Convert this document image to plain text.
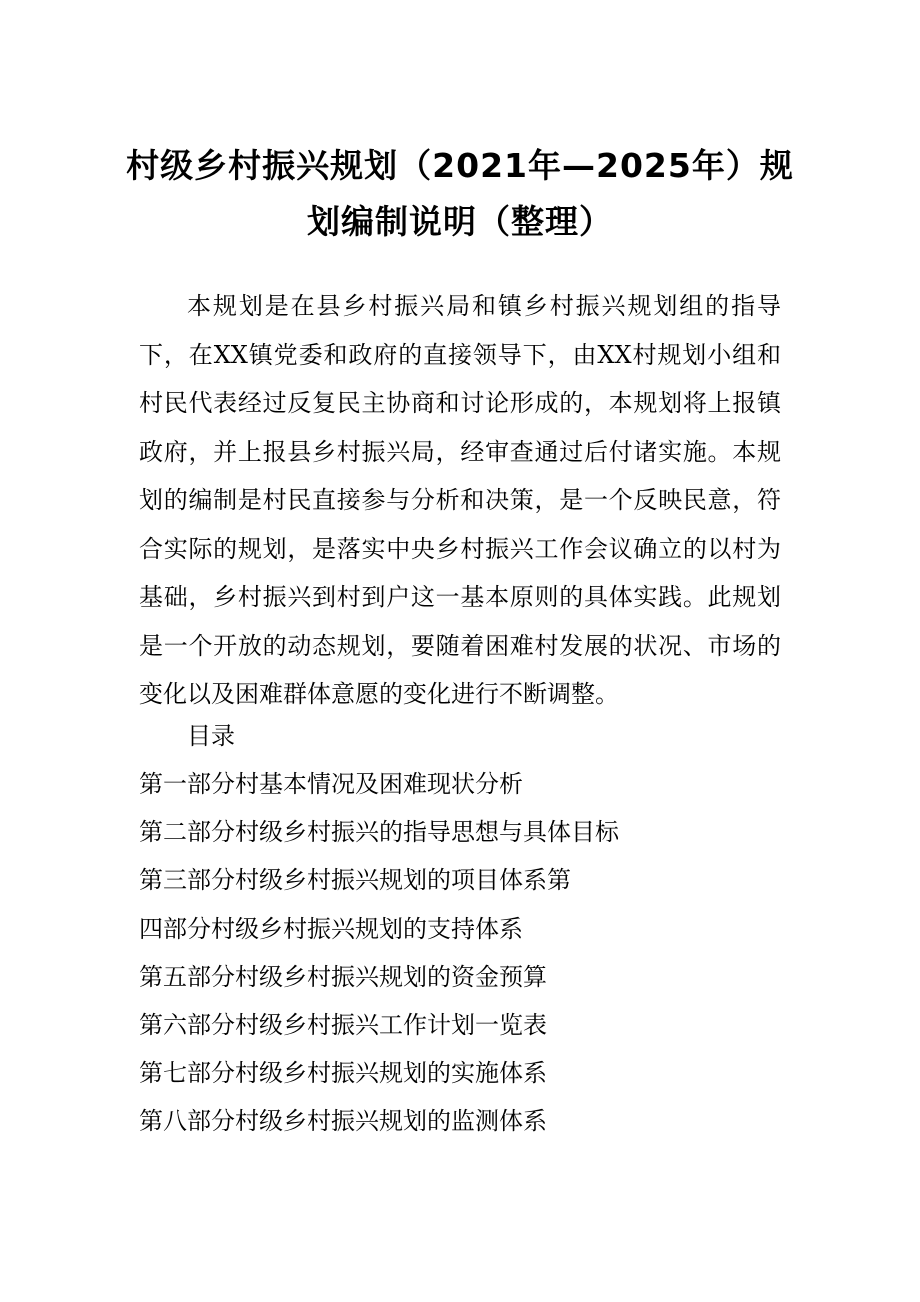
村级乡村振兴规划（2021年—2025年）规
划编制说明（整理）

本规划是在县乡村振兴局和镇乡村振兴规划组的指导下，在XX镇党委和政府的直接领导下，由XX村规划小组和村民代表经过反复民主协商和讨论形成的，本规划将上报镇政府，并上报县乡村振兴局，经审查通过后付诸实施。本规划的编制是村民直接参与分析和决策，是一个反映民意，符合实际的规划，是落实中央乡村振兴工作会议确立的以村为基础，乡村振兴到村到户这一基本原则的具体实践。此规划是一个开放的动态规划，要随着困难村发展的状况、市场的变化以及困难群体意愿的变化进行不断调整。

目录
第一部分村基本情况及困难现状分析
第二部分村级乡村振兴的指导思想与具体目标
第三部分村级乡村振兴规划的项目体系第
四部分村级乡村振兴规划的支持体系
第五部分村级乡村振兴规划的资金预算
第六部分村级乡村振兴工作计划一览表
第七部分村级乡村振兴规划的实施体系
第八部分村级乡村振兴规划的监测体系
